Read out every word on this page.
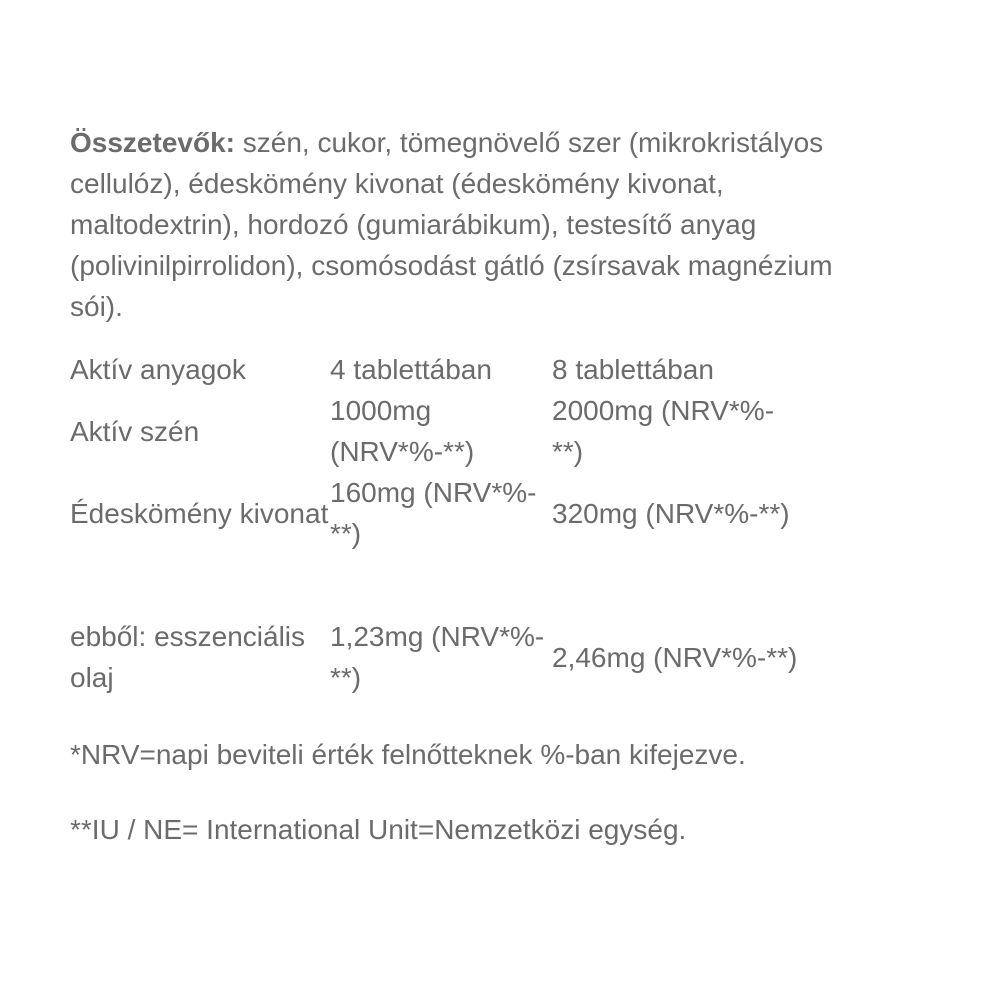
Összetevők: szén, cukor, tömegnövelő szer (mikrokristályos cellulóz), édeskömény kivonat (édeskömény kivonat, maltodextrin), hordozó (gumiarábikum), testesítő anyag (polivinilpirrolidon), csomósodást gátló (zsírsavak magnézium sói).

Aktív anyagok	4 tablettában	8 tablettában
Aktív szén	1000mg (NRV*%-**)	2000mg (NRV*%-**)
Édeskömény kivonat	160mg (NRV*%-**)	320mg (NRV*%-**)

ebből: esszenciális olaj	1,23mg (NRV*%-**)	2,46mg (NRV*%-**)

*NRV=napi beviteli érték felnőtteknek %-ban kifejezve.

**IU / NE= International Unit=Nemzetközi egység.
